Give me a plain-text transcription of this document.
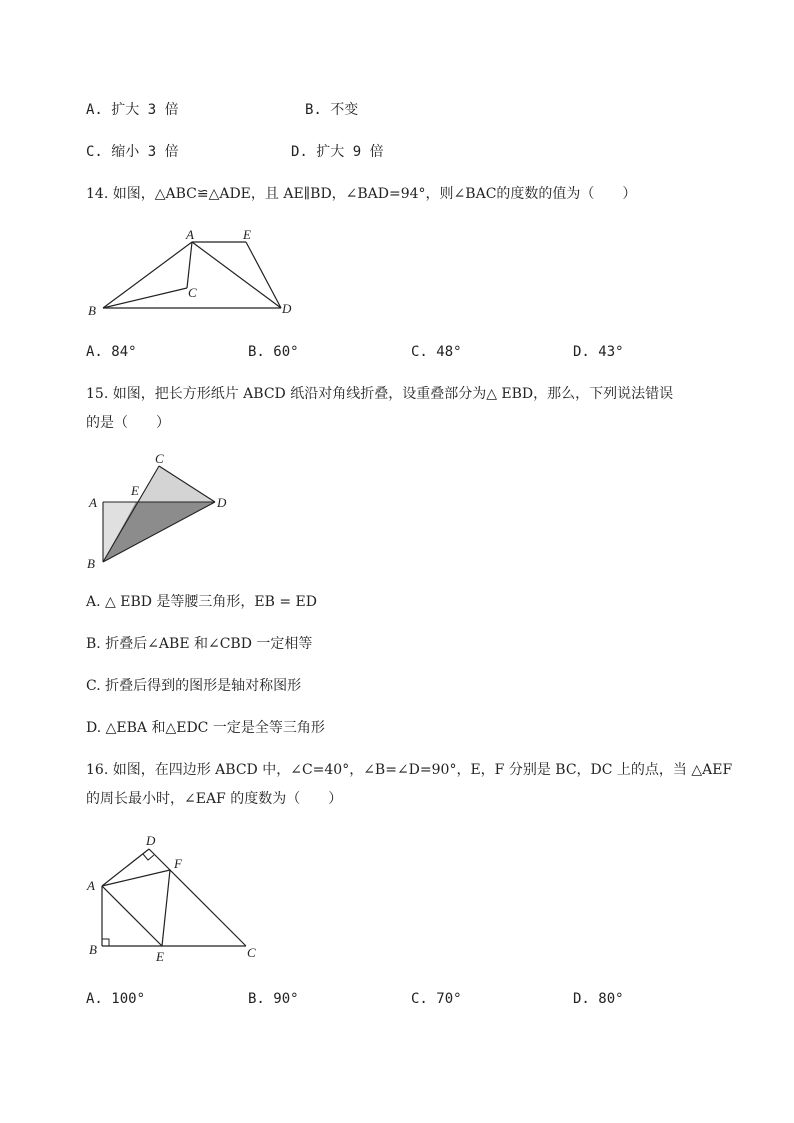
A. 扩大 3 倍	B. 不变
C. 缩小 3 倍	D. 扩大 9 倍
14. 如图，△ABC≌△ADE，且 AE∥BD，∠BAD=94°，则∠BAC的度数的值为（　　）
A	E
C
B	D
A. 84°	B. 60°	C. 48°	D. 43°
15. 如图，把长方形纸片 ABCD 纸沿对角线折叠，设重叠部分为△ EBD，那么，下列说法错误
的是（　　）
C
A
E
D
B
A. △ EBD 是等腰三角形，EB = ED
B. 折叠后∠ABE 和∠CBD 一定相等
C. 折叠后得到的图形是轴对称图形
D. △EBA 和△EDC 一定是全等三角形
16. 如图，在四边形 ABCD 中，∠C=40°，∠B=∠D=90°，E，F 分别是 BC，DC 上的点，当 △AEF
的周长最小时，∠EAF 的度数为（　　）
D
F
A
B	E	C
A. 100°	B. 90°	C. 70°	D. 80°
